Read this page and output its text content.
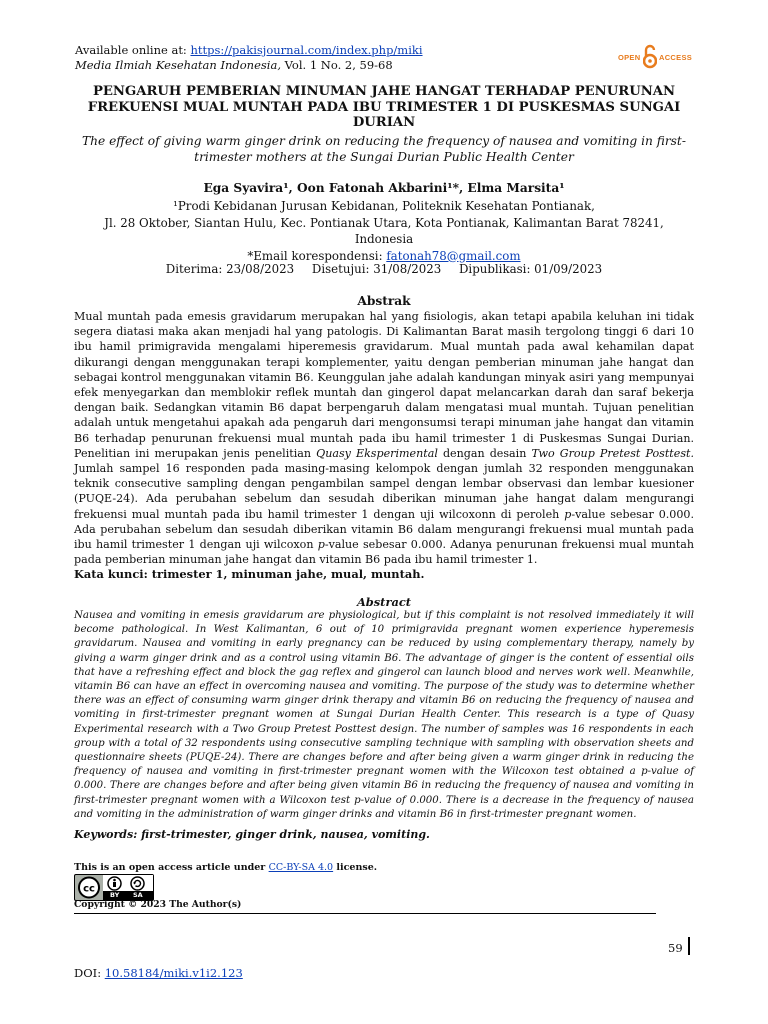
Available online at: https://pakisjournal.com/index.php/miki
Media Ilmiah Kesehatan Indonesia, Vol. 1 No. 2, 59-68
OPEN ACCESS
PENGARUH PEMBERIAN MINUMAN JAHE HANGAT TERHADAP PENURUNAN FREKUENSI MUAL MUNTAH PADA IBU TRIMESTER 1 DI PUSKESMAS SUNGAI DURIAN
The effect of giving warm ginger drink on reducing the frequency of nausea and vomiting in first-trimester mothers at the Sungai Durian Public Health Center
Ega Syavira¹, Oon Fatonah Akbarini¹*, Elma Marsita¹
¹Prodi Kebidanan Jurusan Kebidanan, Politeknik Kesehatan Pontianak,
Jl. 28 Oktober, Siantan Hulu, Kec. Pontianak Utara, Kota Pontianak, Kalimantan Barat 78241, Indonesia
*Email korespondensi: fatonah78@gmail.com
Diterima: 23/08/2023 Disetujui: 31/08/2023 Dipublikasi: 01/09/2023
Abstrak
Mual muntah pada emesis gravidarum merupakan hal yang fisiologis, akan tetapi apabila keluhan ini tidak segera diatasi maka akan menjadi hal yang patologis. Di Kalimantan Barat masih tergolong tinggi 6 dari 10 ibu hamil primigravida mengalami hiperemesis gravidarum. Mual muntah pada awal kehamilan dapat dikurangi dengan menggunakan terapi komplementer, yaitu dengan pemberian minuman jahe hangat dan sebagai kontrol menggunakan vitamin B6. Keunggulan jahe adalah kandungan minyak asiri yang mempunyai efek menyegarkan dan memblokir reflek muntah dan gingerol dapat melancarkan darah dan saraf bekerja dengan baik. Sedangkan vitamin B6 dapat berpengaruh dalam mengatasi mual muntah. Tujuan penelitian adalah untuk mengetahui apakah ada pengaruh dari mengonsumsi terapi minuman jahe hangat dan vitamin B6 terhadap penurunan frekuensi mual muntah pada ibu hamil trimester 1 di Puskesmas Sungai Durian. Penelitian ini merupakan jenis penelitian Quasy Eksperimental dengan desain Two Group Pretest Posttest. Jumlah sampel 16 responden pada masing-masing kelompok dengan jumlah 32 responden menggunakan teknik consecutive sampling dengan pengambilan sampel dengan lembar observasi dan lembar kuesioner (PUQE-24). Ada perubahan sebelum dan sesudah diberikan minuman jahe hangat dalam mengurangi frekuensi mual muntah pada ibu hamil trimester 1 dengan uji wilcoxonn di peroleh p-value sebesar 0.000. Ada perubahan sebelum dan sesudah diberikan vitamin B6 dalam mengurangi frekuensi mual muntah pada ibu hamil trimester 1 dengan uji wilcoxon p-value sebesar 0.000. Adanya penurunan frekuensi mual muntah pada pemberian minuman jahe hangat dan vitamin B6 pada ibu hamil trimester 1.
Kata kunci: trimester 1, minuman jahe, mual, muntah.
Abstract
Nausea and vomiting in emesis gravidarum are physiological, but if this complaint is not resolved immediately it will become pathological. In West Kalimantan, 6 out of 10 primigravida pregnant women experience hyperemesis gravidarum. Nausea and vomiting in early pregnancy can be reduced by using complementary therapy, namely by giving a warm ginger drink and as a control using vitamin B6. The advantage of ginger is the content of essential oils that have a refreshing effect and block the gag reflex and gingerol can launch blood and nerves work well. Meanwhile, vitamin B6 can have an effect in overcoming nausea and vomiting. The purpose of the study was to determine whether there was an effect of consuming warm ginger drink therapy and vitamin B6 on reducing the frequency of nausea and vomiting in first-trimester pregnant women at Sungai Durian Health Center. This research is a type of Quasy Experimental research with a Two Group Pretest Posttest design. The number of samples was 16 respondents in each group with a total of 32 respondents using consecutive sampling technique with sampling with observation sheets and questionnaire sheets (PUQE-24). There are changes before and after being given a warm ginger drink in reducing the frequency of nausea and vomiting in first-trimester pregnant women with the Wilcoxon test obtained a p-value of 0.000. There are changes before and after being given vitamin B6 in reducing the frequency of nausea and vomiting in first-trimester pregnant women with a Wilcoxon test p-value of 0.000. There is a decrease in the frequency of nausea and vomiting in the administration of warm ginger drinks and vitamin B6 in first-trimester pregnant women.
Keywords: first-trimester, ginger drink, nausea, vomiting.
This is an open access article under CC-BY-SA 4.0 license.
cc
BY SA
Copyright © 2023 The Author(s)
59
DOI: 10.58184/miki.v1i2.123
